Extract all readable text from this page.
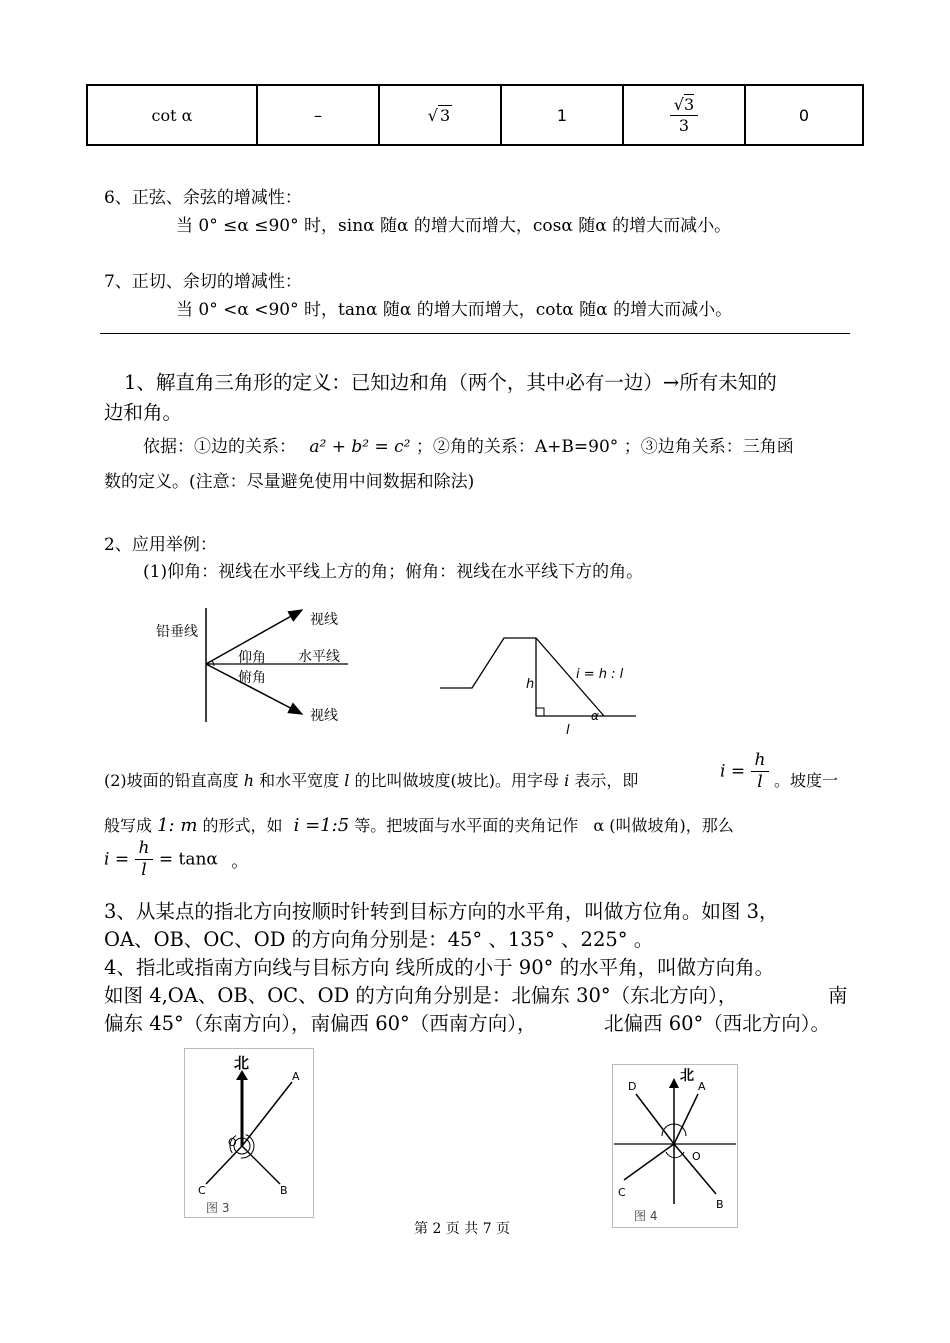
cot α	–	√ 3	1	$\frac{√3}{3}$	0
6、正弦、余弦的增减性：
当 0° ≤α ≤90° 时，sinα 随α 的增大而增大，cosα 随α 的增大而减小。
7、正切、余切的增减性：
当 0° <α <90° 时，tanα 随α 的增大而增大，cotα 随α 的增大而减小。
1、解直角三角形的定义：已知边和角（两个，其中必有一边）→所有未知的
边和角。
依据：①边的关系： a² + b² = c² ；②角的关系：A+B=90° ；③边角关系：三角函
数的定义。(注意：尽量避免使用中间数据和除法)
2、应用举例：
(1)仰角：视线在水平线上方的角；俯角：视线在水平线下方的角。
铅垂线
视线
水平线
仰角
俯角
视线
h
i = h : l
l
α
(2)坡面的铅直高度 h 和水平宽度 l 的比叫做坡度(坡比)。用字母 i 表示，即	$i = \frac{h}{l}$ 。坡度一
般写成 1: m 的形式，如 i =1:5 等。把坡面与水平面的夹角记作 α (叫做坡角)，那么
$i = \frac{h}{l} = \tan\alpha$ 。
3、从某点的指北方向按顺时针转到目标方向的水平角，叫做方位角。如图 3，
OA、OB、OC、OD 的方向角分别是：45° 、135° 、225° 。
4、指北或指南方向线与目标方向 线所成的小于 90° 的水平角，叫做方向角。
如图 4,OA、OB、OC、OD 的方向角分别是：北偏东 30°（东北方向），	南
偏东 45°（东南方向），南偏西 60°（西南方向），	北偏西 60°（西北方向）。
北
A
O
B
C
图 3
北
D	A
O
C
B
图 4
第 2 页 共 7 页
